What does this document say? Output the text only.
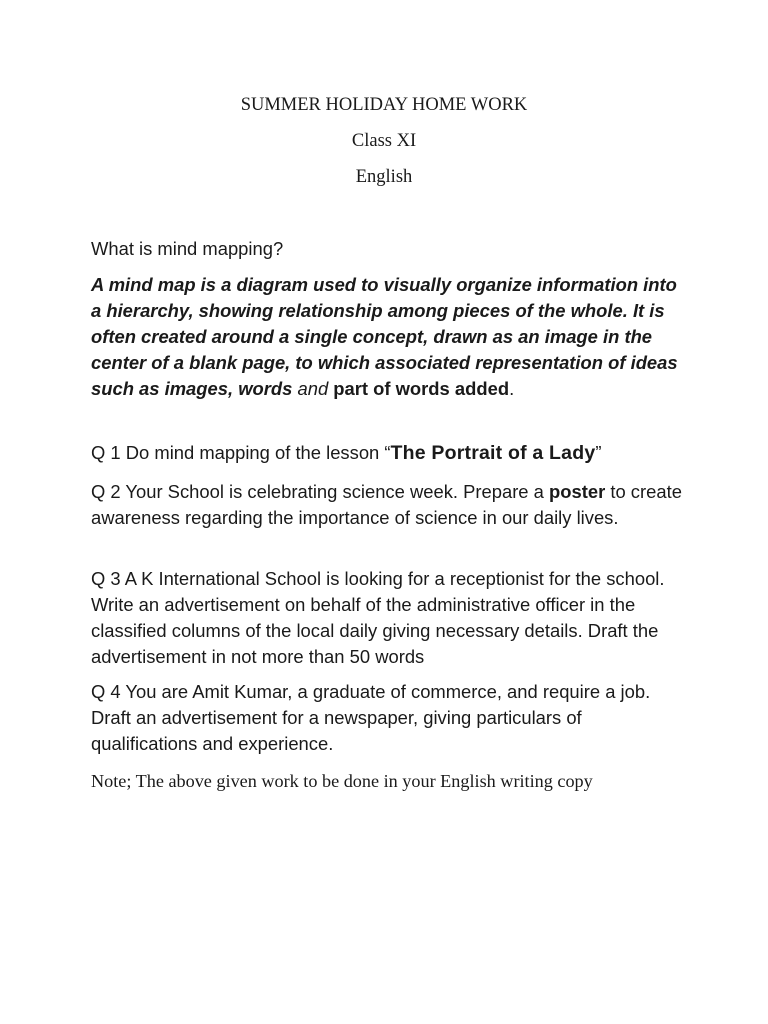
SUMMER HOLIDAY HOME WORK
Class XI
English

What is mind mapping?

A mind map is a diagram used to visually organize information into a hierarchy, showing relationship among pieces of the whole. It is often created around a single concept, drawn as an image in the center of a blank page, to which associated representation of ideas such as images, words and part of words added.

Q 1 Do mind mapping of the lesson “The Portrait of a Lady”

Q 2 Your School is celebrating science week. Prepare a poster to create awareness regarding the importance of science in our daily lives.

Q 3 A K International School is looking for a receptionist for the school. Write an advertisement on behalf of the administrative officer in the classified columns of the local daily giving necessary details. Draft the advertisement in not more than 50 words

Q 4 You are Amit Kumar, a graduate of commerce, and require a job. Draft an advertisement for a newspaper, giving particulars of qualifications and experience.

Note; The above given work to be done in your English writing copy
